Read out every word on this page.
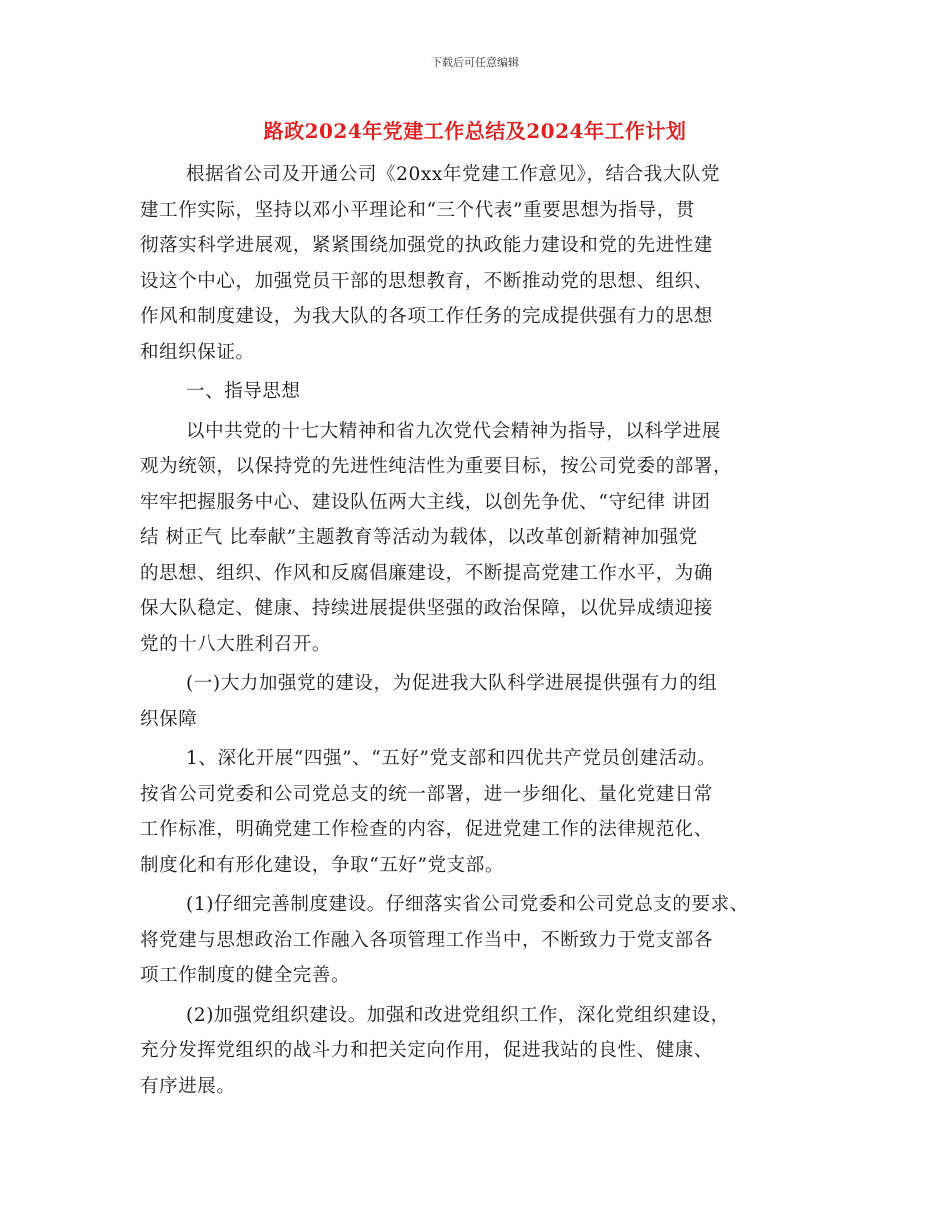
下载后可任意编辑
路政2024年党建工作总结及2024年工作计划
根据省公司及开通公司《20xx年党建工作意见》，结合我大队党
建工作实际，坚持以邓小平理论和“三个代表”重要思想为指导，贯
彻落实科学进展观，紧紧围绕加强党的执政能力建设和党的先进性建
设这个中心，加强党员干部的思想教育，不断推动党的思想、组织、
作风和制度建设，为我大队的各项工作任务的完成提供强有力的思想
和组织保证。
一、指导思想
以中共党的十七大精神和省九次党代会精神为指导，以科学进展
观为统领，以保持党的先进性纯洁性为重要目标，按公司党委的部署，
牢牢把握服务中心、建设队伍两大主线，以创先争优、“守纪律 讲团
结 树正气 比奉献”主题教育等活动为载体，以改革创新精神加强党
的思想、组织、作风和反腐倡廉建设，不断提高党建工作水平，为确
保大队稳定、健康、持续进展提供坚强的政治保障，以优异成绩迎接
党的十八大胜利召开。
(一)大力加强党的建设，为促进我大队科学进展提供强有力的组
织保障
1、深化开展“四强”、“五好”党支部和四优共产党员创建活动。
按省公司党委和公司党总支的统一部署，进一步细化、量化党建日常
工作标准，明确党建工作检查的内容，促进党建工作的法律规范化、
制度化和有形化建设，争取“五好”党支部。
(1)仔细完善制度建设。仔细落实省公司党委和公司党总支的要求、
将党建与思想政治工作融入各项管理工作当中，不断致力于党支部各
项工作制度的健全完善。
(2)加强党组织建设。加强和改进党组织工作，深化党组织建设，
充分发挥党组织的战斗力和把关定向作用，促进我站的良性、健康、
有序进展。
